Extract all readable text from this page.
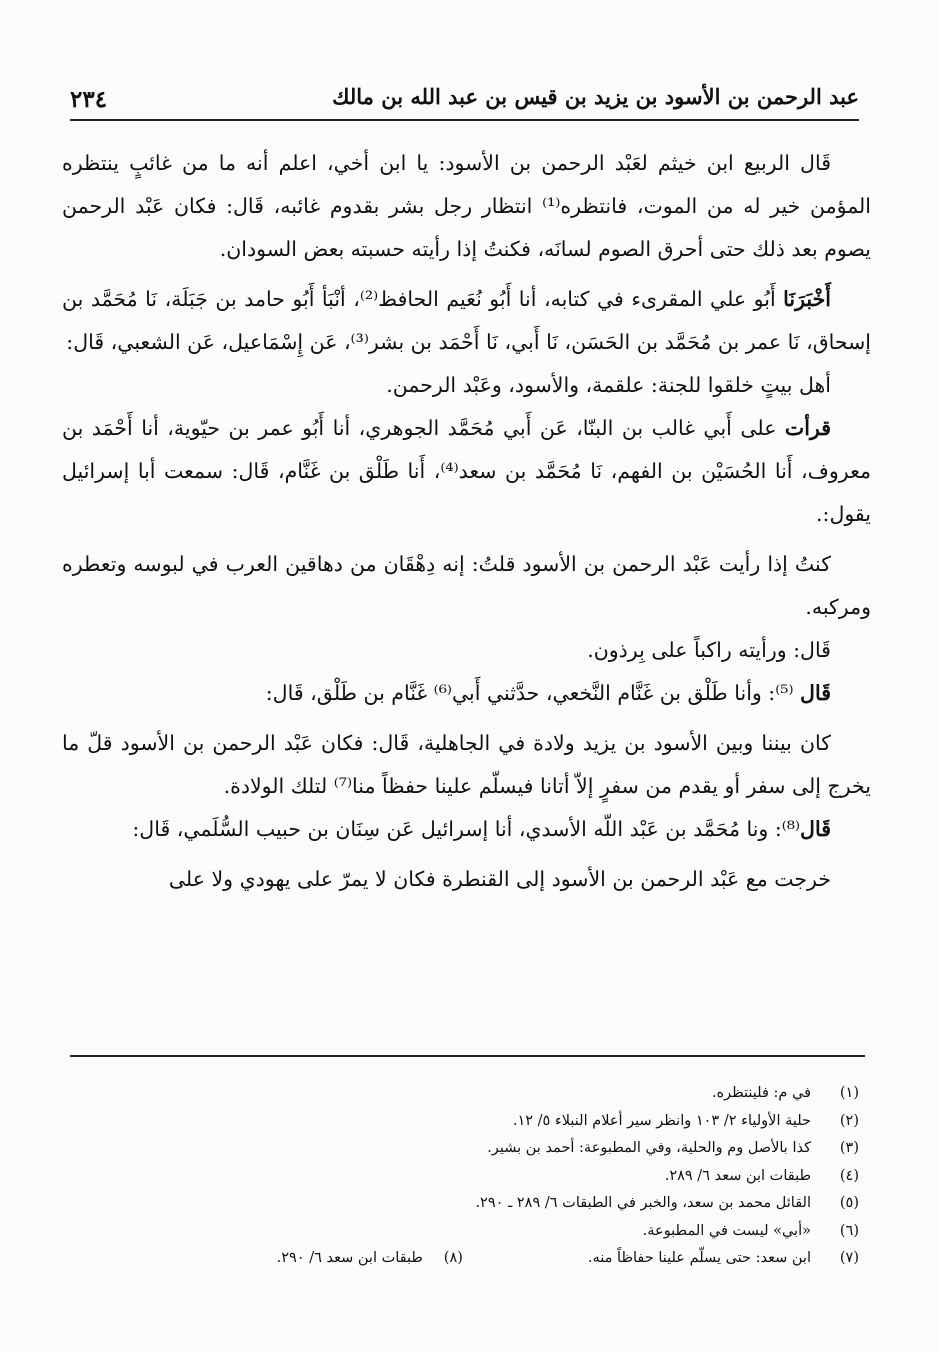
عبد الرحمن بن الأسود بن يزيد بن قيس بن عبد الله بن مالك
٢٣٤

قَال الربيع ابن خيثم لعَبْد الرحمن بن الأسود: يا ابن أخي، اعلم أنه ما من غائبٍ ينتظره المؤمن خير له من الموت، فانتظره⁽¹⁾ انتظار رجل بشر بقدوم غائبه، قَال: فكان عَبْد الرحمن يصوم بعد ذلك حتى أحرق الصوم لسانَه، فكنتُ إذا رأيته حسبته بعض السودان.

أَخْبَرَنَا أَبُو علي المقرىء في كتابه، أنا أَبُو نُعَيم الحافظ⁽²⁾، أنْبَأ أَبُو حامد بن جَبَلَة، نَا مُحَمَّد بن إسحاق، نَا عمر بن مُحَمَّد بن الحَسَن، نَا أَبي، نَا أَحْمَد بن بشر⁽³⁾، عَن إِسْمَاعيل، عَن الشعبي، قَال:

أهل بيتٍ خلقوا للجنة: علقمة، والأسود، وعَبْد الرحمن.

قرأت على أَبي غالب بن البنّا، عَن أَبي مُحَمَّد الجوهري، أنا أَبُو عمر بن حيّوية، أنا أَحْمَد بن معروف، أَنا الحُسَيْن بن الفهم، نَا مُحَمَّد بن سعد⁽⁴⁾، أَنا طَلْق بن غَنَّام، قَال: سمعت أبا إسرائيل يقول:.

كنتُ إذا رأيت عَبْد الرحمن بن الأسود قلتُ: إنه دِهْقَان من دهاقين العرب في لبوسه وتعطره ومركبه.

قَال: ورأيته راكباً على بِرذون.

قَال ⁽⁵⁾: وأنا طَلْق بن غَنَّام النَّخعي، حدَّثني أَبي⁽⁶⁾ غَنَّام بن طَلْق، قَال:

كان بيننا وبين الأسود بن يزيد ولادة في الجاهلية، قَال: فكان عَبْد الرحمن بن الأسود قلّ ما يخرج إلى سفر أو يقدم من سفرٍ إلاّ أتانا فيسلّم علينا حفظاً منا⁽⁷⁾ لتلك الولادة.

قَال⁽⁸⁾: ونا مُحَمَّد بن عَبْد اللّه الأسدي، أنا إسرائيل عَن سِنَان بن حبيب السُّلَمي، قَال:

خرجت مع عَبْد الرحمن بن الأسود إلى القنطرة فكان لا يمرّ على يهودي ولا على

(١)
في م: فلينتظره.
(٢)
حلية الأولياء ٢/ ١٠٣ وانظر سير أعلام النبلاء ٥/ ١٢.
(٣)
كذا بالأصل وم والحلية، وفي المطبوعة: أحمد بن بشير.
(٤)
طبقات ابن سعد ٦/ ٢٨٩.
(٥)
القائل محمد بن سعد، والخبر في الطبقات ٦/ ٢٨٩ ـ ٢٩٠.
(٦)
«أبي» ليست في المطبوعة.
(٧)
ابن سعد: حتى يسلّم علينا حفاظاً منه.
(٨)
طبقات ابن سعد ٦/ ٢٩٠.
